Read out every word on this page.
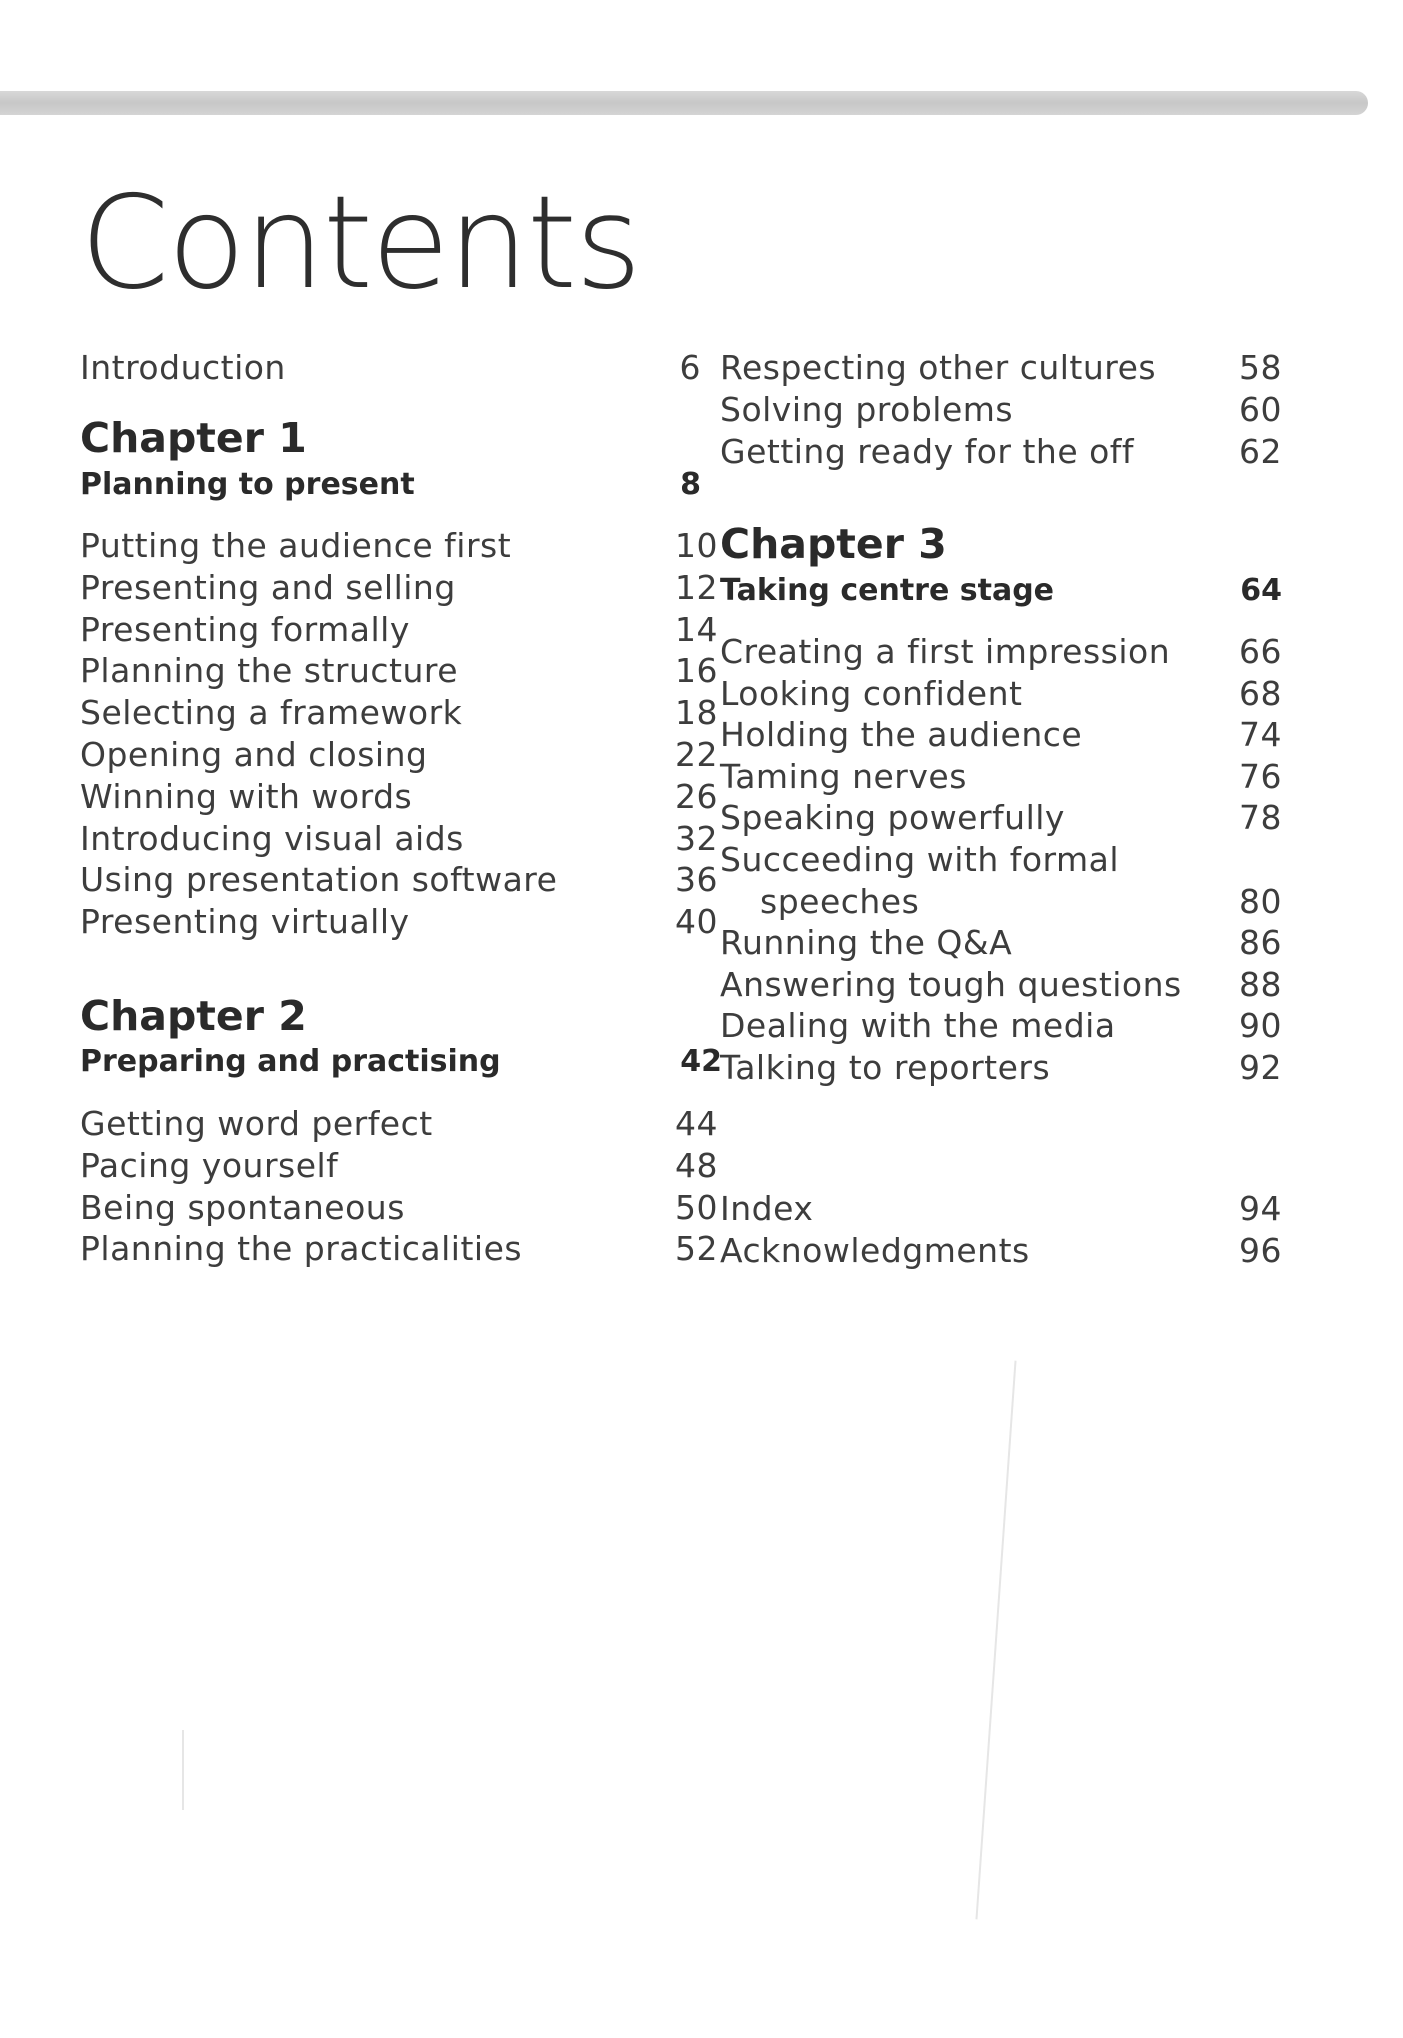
Contents
Introduction	6
Chapter 1
Planning to present	8
Putting the audience first	10
Presenting and selling	12
Presenting formally	14
Planning the structure	16
Selecting a framework	18
Opening and closing	22
Winning with words	26
Introducing visual aids	32
Using presentation software	36
Presenting virtually	40
Chapter 2
Preparing and practising	42
Getting word perfect	44
Pacing yourself	48
Being spontaneous	50
Planning the practicalities	52
Respecting other cultures	58
Solving problems	60
Getting ready for the off	62
Chapter 3
Taking centre stage	64
Creating a first impression	66
Looking confident	68
Holding the audience	74
Taming nerves	76
Speaking powerfully	78
Succeeding with formal
speeches	80
Running the Q&A	86
Answering tough questions	88
Dealing with the media	90
Talking to reporters	92
Index	94
Acknowledgments	96
